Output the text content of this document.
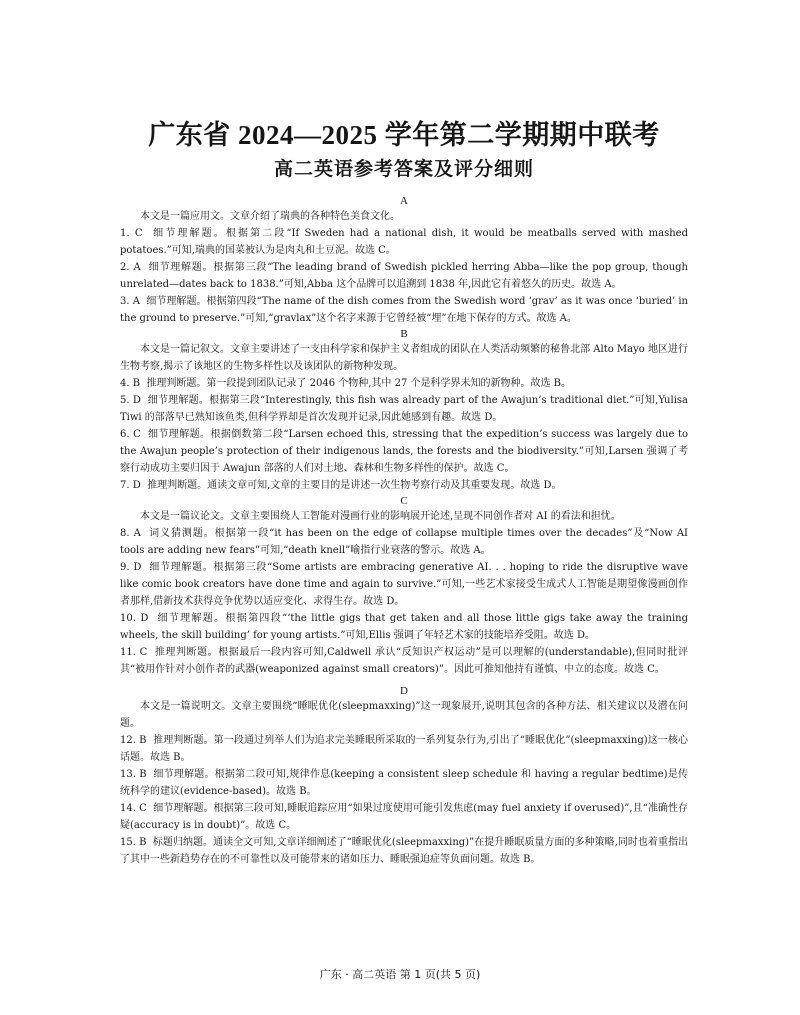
广东省 2024—2025 学年第二学期期中联考
高二英语参考答案及评分细则

A

本文是一篇应用文。文章介绍了瑞典的各种特色美食文化。

1. C 细节理解题。根据第二段“If Sweden had a national dish, it would be meatballs served with mashed potatoes.”可知,瑞典的国菜被认为是肉丸和土豆泥。故选 C。

2. A 细节理解题。根据第三段“The leading brand of Swedish pickled herring Abba—like the pop group, though unrelated—dates back to 1838.”可知,Abba 这个品牌可以追溯到 1838 年,因此它有着悠久的历史。故选 A。

3. A 细节理解题。根据第四段“The name of the dish comes from the Swedish word ‘grav’ as it was once ‘buried’ in the ground to preserve.”可知,“gravlax”这个名字来源于它曾经被“埋”在地下保存的方式。故选 A。

B

本文是一篇记叙文。文章主要讲述了一支由科学家和保护主义者组成的团队在人类活动频繁的秘鲁北部 Alto Mayo 地区进行生物考察,揭示了该地区的生物多样性以及该团队的新物种发现。

4. B 推理判断题。第一段提到团队记录了 2046 个物种,其中 27 个是科学界未知的新物种。故选 B。

5. D 细节理解题。根据第三段“Interestingly, this fish was already part of the Awajun’s traditional diet.”可知,Yulisa Tiwi 的部落早已熟知该鱼类,但科学界却是首次发现并记录,因此她感到有趣。故选 D。

6. C 细节理解题。根据倒数第二段“Larsen echoed this, stressing that the expedition’s success was largely due to the Awajun people’s protection of their indigenous lands, the forests and the biodiversity.”可知,Larsen 强调了考察行动成功主要归因于 Awajun 部落的人们对土地、森林和生物多样性的保护。故选 C。

7. D 推理判断题。通读文章可知,文章的主要目的是讲述一次生物考察行动及其重要发现。故选 D。

C

本文是一篇议论文。文章主要围绕人工智能对漫画行业的影响展开论述,呈现不同创作者对 AI 的看法和担忧。

8. A 词义猜测题。根据第一段“it has been on the edge of collapse multiple times over the decades”及“Now AI tools are adding new fears”可知,“death knell”喻指行业衰落的警示。故选 A。

9. D 细节理解题。根据第三段“Some artists are embracing generative AI. . . hoping to ride the disruptive wave like comic book creators have done time and again to survive.”可知,一些艺术家接受生成式人工智能是期望像漫画创作者那样,借新技术获得竞争优势以适应变化、求得生存。故选 D。

10. D 细节理解题。根据第四段“‘the little gigs that get taken and all those little gigs take away the training wheels, the skill building’ for young artists.”可知,Ellis 强调了年轻艺术家的技能培养受阻。故选 D。

11. C 推理判断题。根据最后一段内容可知,Caldwell 承认“反知识产权运动”是可以理解的(understandable),但同时批评其“被用作针对小创作者的武器(weaponized against small creators)”。因此可推知他持有谨慎、中立的态度。故选 C。

D

本文是一篇说明文。文章主要围绕“睡眠优化(sleepmaxxing)”这一现象展开,说明其包含的各种方法、相关建议以及潜在问题。

12. B 推理判断题。第一段通过列举人们为追求完美睡眠所采取的一系列复杂行为,引出了“睡眠优化”(sleepmaxxing)这一核心话题。故选 B。

13. B 细节理解题。根据第二段可知,规律作息(keeping a consistent sleep schedule 和 having a regular bedtime)是传统科学的建议(evidence-based)。故选 B。

14. C 细节理解题。根据第三段可知,睡眠追踪应用“如果过度使用可能引发焦虑(may fuel anxiety if overused)”,且“准确性存疑(accuracy is in doubt)”。故选 C。

15. B 标题归纳题。通读全文可知,文章详细阐述了“睡眠优化(sleepmaxxing)”在提升睡眠质量方面的多种策略,同时也着重指出了其中一些新趋势存在的不可靠性以及可能带来的诸如压力、睡眠强迫症等负面问题。故选 B。

广东 · 高二英语 第 1 页(共 5 页)
